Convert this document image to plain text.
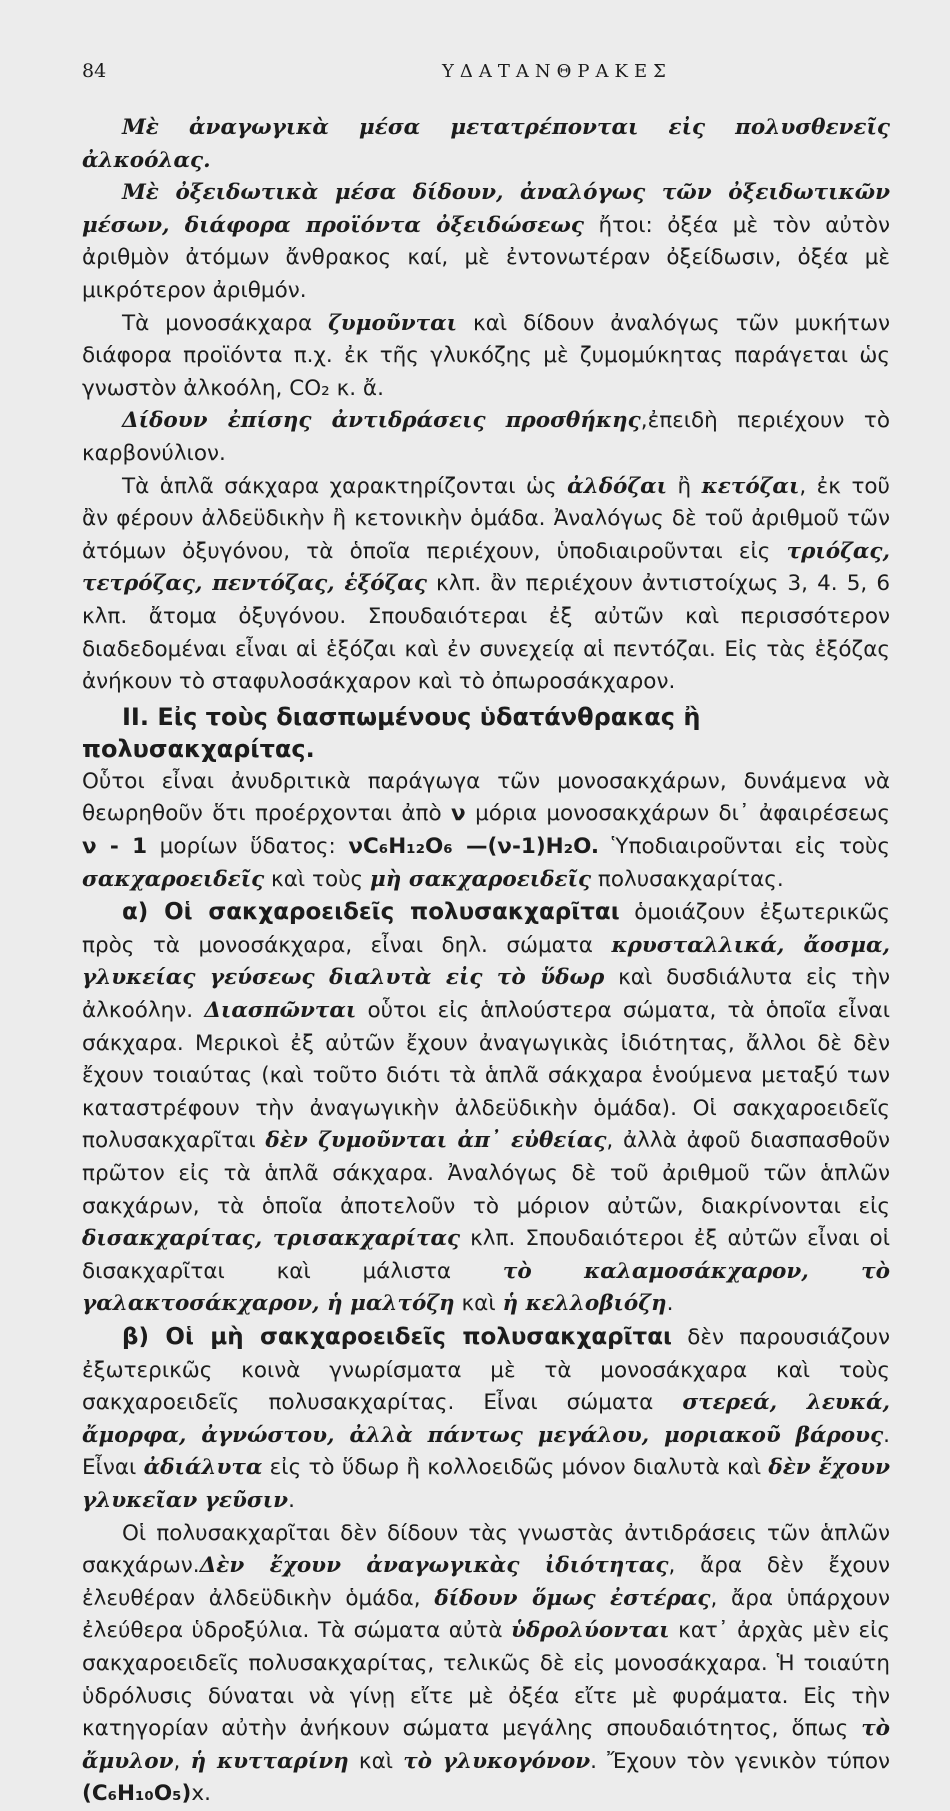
84	ΥΔΑΤΑΝΘΡΑΚΕΣ

Μὲ ἀναγωγικὰ μέσα μετατρέπονται εἰς πολυσθενεῖς ἀλκοόλας.

Μὲ ὀξειδωτικὰ μέσα δίδουν, ἀναλόγως τῶν ὀξειδωτικῶν μέσων, διάφορα προϊόντα ὀξειδώσεως ἤτοι: ὀξέα μὲ τὸν αὐτὸν ἀριθμὸν ἀτόμων ἄνθρακος καί, μὲ ἐντονωτέραν ὀξείδωσιν, ὀξέα μὲ μικρότερον ἀριθμόν.

Τὰ μονοσάκχαρα ζυμοῦνται καὶ δίδουν ἀναλόγως τῶν μυκήτων διάφορα προϊόντα π.χ. ἐκ τῆς γλυκόζης μὲ ζυμομύκητας παράγεται ὡς γνωστὸν ἀλκοόλη, CO₂ κ. ἄ.

Δίδουν ἐπίσης ἀντιδράσεις προσθήκης,ἐπειδὴ περιέχουν τὸ καρβονύλιον.

Τὰ ἁπλᾶ σάκχαρα χαρακτηρίζονται ὡς ἀλδόζαι ἢ κετόζαι, ἐκ τοῦ ἂν φέρουν ἀλδεϋδικὴν ἢ κετονικὴν ὁμάδα. Ἀναλόγως δὲ τοῦ ἀριθμοῦ τῶν ἀτόμων ὀξυγόνου, τὰ ὁποῖα περιέχουν, ὑποδιαιροῦνται εἰς τριόζας, τετρόζας, πεντόζας, ἑξόζας κλπ. ἂν περιέχουν ἀντιστοίχως 3, 4. 5, 6 κλπ. ἄτομα ὀξυγόνου. Σπουδαιότεραι ἐξ αὐτῶν καὶ περισσότερον διαδεδομέναι εἶναι αἱ ἑξόζαι καὶ ἐν συνεχείᾳ αἱ πεντόζαι. Εἰς τὰς ἑξόζας ἀνήκουν τὸ σταφυλοσάκχαρον καὶ τὸ ὀπωροσάκχαρον.

II. Εἰς τοὺς διασπωμένους ὑδατάνθρακας ἢ πολυσακχαρίτας.

Οὗτοι εἶναι ἀνυδριτικὰ παράγωγα τῶν μονοσακχάρων, δυνάμενα νὰ θεωρηθοῦν ὅτι προέρχονται ἀπὸ ν μόρια μονοσακχάρων δι᾽ ἀφαιρέσεως ν - 1 μορίων ὕδατος: νC₆H₁₂O₆ —(ν-1)H₂O. Ὑποδιαιροῦνται εἰς τοὺς σακχαροειδεῖς καὶ τοὺς μὴ σακχαροειδεῖς πολυσακχαρίτας.

α) Οἱ σακχαροειδεῖς πολυσακχαρῖται ὁμοιάζουν ἐξωτερικῶς πρὸς τὰ μονοσάκχαρα, εἶναι δηλ. σώματα κρυσταλλικά, ἄοσμα, γλυκείας γεύσεως διαλυτὰ εἰς τὸ ὕδωρ καὶ δυσδιάλυτα εἰς τὴν ἀλκοόλην. Διασπῶνται οὗτοι εἰς ἁπλούστερα σώματα, τὰ ὁποῖα εἶναι σάκχαρα. Μερικοὶ ἐξ αὐτῶν ἔχουν ἀναγωγικὰς ἰδιότητας, ἄλλοι δὲ δὲν ἔχουν τοιαύτας (καὶ τοῦτο διότι τὰ ἁπλᾶ σάκχαρα ἑνούμενα μεταξύ των καταστρέφουν τὴν ἀναγωγικὴν ἀλδεϋδικὴν ὁμάδα). Οἱ σακχαροειδεῖς πολυσακχαρῖται δὲν ζυμοῦνται ἀπ᾽ εὐθείας, ἀλλὰ ἀφοῦ διασπασθοῦν πρῶτον εἰς τὰ ἁπλᾶ σάκχαρα. Ἀναλόγως δὲ τοῦ ἀριθμοῦ τῶν ἁπλῶν σακχάρων, τὰ ὁποῖα ἀποτελοῦν τὸ μόριον αὐτῶν, διακρίνονται εἰς δισακχαρίτας, τρισακχαρίτας κλπ. Σπουδαιότεροι ἐξ αὐτῶν εἶναι οἱ δισακχαρῖται καὶ μάλιστα τὸ καλαμοσάκχαρον, τὸ γαλακτοσάκχαρον, ἡ μαλτόζη καὶ ἡ κελλοβιόζη.

β) Οἱ μὴ σακχαροειδεῖς πολυσακχαρῖται δὲν παρουσιάζουν ἐξωτερικῶς κοινὰ γνωρίσματα μὲ τὰ μονοσάκχαρα καὶ τοὺς σακχαροειδεῖς πολυσακχαρίτας. Εἶναι σώματα στερεά, λευκά, ἄμορφα, ἀγνώστου, ἀλλὰ πάντως μεγάλου, μοριακοῦ βάρους. Εἶναι ἀδιάλυτα εἰς τὸ ὕδωρ ἢ κολλοειδῶς μόνον διαλυτὰ καὶ δὲν ἔχουν γλυκεῖαν γεῦσιν.

Οἱ πολυσακχαρῖται δὲν δίδουν τὰς γνωστὰς ἀντιδράσεις τῶν ἁπλῶν σακχάρων.Δὲν ἔχουν ἀναγωγικὰς ἰδιότητας, ἄρα δὲν ἔχουν ἐλευθέραν ἀλδεϋδικὴν ὁμάδα, δίδουν ὅμως ἐστέρας, ἄρα ὑπάρχουν ἐλεύθερα ὑδροξύλια. Τὰ σώματα αὐτὰ ὑδρολύονται κατ᾽ ἀρχὰς μὲν εἰς σακχαροειδεῖς πολυσακχαρίτας, τελικῶς δὲ εἰς μονοσάκχαρα. Ἡ τοιαύτη ὑδρόλυσις δύναται νὰ γίνῃ εἴτε μὲ ὀξέα εἴτε μὲ φυράματα. Εἰς τὴν κατηγορίαν αὐτὴν ἀνήκουν σώματα μεγάλης σπουδαιότητος, ὅπως τὸ ἄμυλον, ἡ κυτταρίνη καὶ τὸ γλυκογόνον. Ἔχουν τὸν γενικὸν τύπον (C₆H₁₀O₅)x.
